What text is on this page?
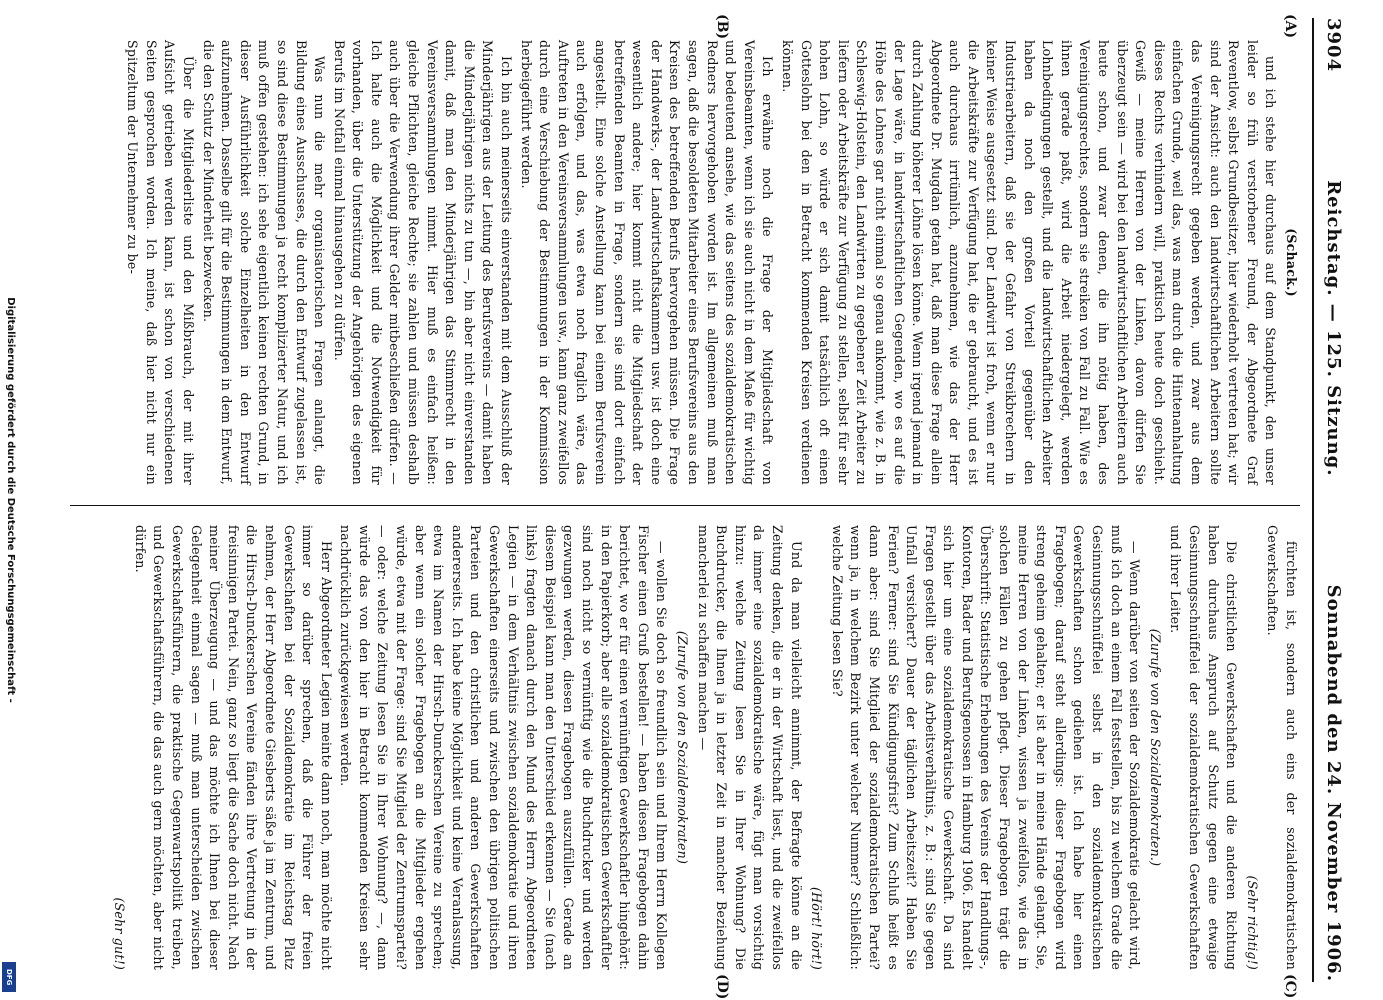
Digitalisierung gefördert durch die Deutsche Forschungsgemeinschaft -
DFG
3904
Reichstag. — 125. Sitzung.
Sonnabend den 24. November 1906.
(A)
(B)
(C)
(D)
(Schack.)

und ich stehe hier durchaus auf dem Standpunkt, den unser leider so früh verstorbener Freund, der Abgeordnete Graf Reventlow, selbst Grundbesitzer, hier wiederholt vertreten hat; wir sind der Ansicht: auch den landwirtschaftlichen Arbeitern sollte das Vereinigungsrecht gegeben werden, und zwar aus dem einfachen Grunde, weil das, was man durch die Hintenanhaltung dieses Rechts verhindern will, praktisch heute doch geschieht. Gewiß — meine Herren von der Linken, davon dürfen Sie überzeugt sein — wird bei den landwirtschaftlichen Arbeitern auch heute schon, und zwar denen, die ihn nötig haben, des Vereinigungsrechtes, sondern sie streiken von Fall zu Fall. Wie es ihnen gerade paßt, wird die Arbeit niedergelegt, werden Lohnbedingungen gestellt, und die landwirtschaftlichen Arbeiter haben da noch den großen Vorteil gegenüber den Industriearbeitern, daß sie der Gefahr von Streikbrechern in keiner Weise ausgesetzt sind. Der Landwirt ist froh, wenn er nur die Arbeitskräfte zur Verfügung hat, die er gebraucht, und es ist auch durchaus irrtümlich, anzunehmen, wie das der Herr Abgeordnete Dr. Mugdan getan hat, daß man diese Frage allein durch Zahlung höherer Löhne lösen könne. Wenn irgend jemand in der Lage wäre, in landwirtschaftlichen Gegenden, wo es auf die Höhe des Lohnes gar nicht einmal so genau ankommt, wie z. B. in Schleswig-Holstein, den Landwirten zu gegebener Zeit Arbeiter zu liefern oder Arbeitskräfte zur Verfügung zu stellen, selbst für sehr hohen Lohn, so würde er sich damit tatsächlich oft einen Gotteslohn bei den in Betracht kommenden Kreisen verdienen können.

Ich erwähne noch die Frage der Mitgliedschaft von Vereinsbeamten, wenn ich sie auch nicht in dem Maße für wichtig und bedeutend ansehe, wie das seitens des sozialdemokratischen Redners hervorgehoben worden ist. Im allgemeinen muß man sagen, daß die besoldeten Mitarbeiter eines Berufsvereins aus den Kreisen des betreffenden Berufs hervorgehen müssen. Die Frage der Handwerks-, der Landwirtschaftskammern usw. ist doch eine wesentlich andere; hier kommt nicht die Mitgliedschaft der betreffenden Beamten in Frage, sondern sie sind dort einfach angestellt. Eine solche Anstellung kann bei einem Berufsverein auch erfolgen, und das, was etwa noch fraglich wäre, das Auftreten in den Vereinsversammlungen usw., kann ganz zweifellos durch eine Verschiebung der Bestimmungen in der Kommission herbeigeführt werden.

Ich bin auch meinerseits einverstanden mit dem Ausschluß der Minderjährigen aus der Leitung des Berufsvereins — damit haben die Minderjährigen nichts zu tun —, bin aber nicht einverstanden damit, daß man den Minderjährigen das Stimmrecht in den Vereinsversammlungen nimmt. Hier muß es einfach heißen: gleiche Pflichten, gleiche Rechte; sie zahlen und müssen deshalb auch über die Verwendung ihrer Gelder mitbeschließen dürfen. — Ich halte auch die Möglichkeit und die Notwendigkeit für vorhanden, über die Unterstützung der Angehörigen des eigenen Berufs im Notfall einmal hinausgehen zu dürfen.

Was nun die mehr organisatorischen Fragen anlangt, die Bildung eines Ausschusses, die durch den Entwurf zugelassen ist, so sind diese Bestimmungen ja recht komplizierter Natur, und ich muß offen gestehen: ich sehe eigentlich keinen rechten Grund, in dieser Ausführlichkeit solche Einzelheiten in den Entwurf aufzunehmen. Dasselbe gilt für die Bestimmungen in dem Entwurf, die den Schutz der Minderheit bezwecken.

Über die Mitgliederliste und den Mißbrauch, der mit ihrer Aufsicht getrieben werden kann, ist schon von verschiedenen Seiten gesprochen worden. Ich meine, daß hier nicht nur ein Spitzeltum der Unternehmer zu be-

fürchten ist, sondern auch eins der sozialdemokratischen Gewerkschaften.

(Sehr richtig!)

Die christlichen Gewerkschaften und die anderen Richtung haben durchaus Anspruch auf Schutz gegen eine etwaige Gesinnungsschnüffelei der sozialdemokratischen Gewerkschaften und ihrer Leiter.

(Zurufe von den Sozialdemokraten.)

— Wenn darüber von seiten der Sozialdemokratie gelacht wird, muß ich doch an einem Fall feststellen, bis zu welchem Grade die Gesinnungsschnüffelei selbst in den sozialdemokratischen Gewerkschaften schon gediehen ist. Ich habe hier einen Fragebogen; darauf steht allerdings: dieser Fragebogen wird streng geheim gehalten; er ist aber in meine Hände gelangt. Sie, meine Herren von der Linken, wissen ja zweifellos, wie das in solchen Fällen zu gehen pflegt. Dieser Fragebogen trägt die Überschrift: Statistische Erhebungen des Vereins der Handlungs-, Kontoren, Bader und Berufsgenossen in Hamburg 1906. Es handelt sich hier um eine sozialdemokratische Gewerkschaft. Da sind Fragen gestellt über das Arbeitsverhältnis, z. B.: sind Sie gegen Unfall versichert? Dauer der täglichen Arbeitszeit? Haben Sie Ferien? Ferner: sind Sie Kündigungsfrist? Zum Schluß heißt es dann aber: sind Sie Mitglied der sozialdemokratischen Partei? wenn ja, in welchem Bezirk unter welcher Nummer? Schließlich: welche Zeitung lesen Sie?

(Hört! hört!)

Und da man vielleicht annimmt, der Befragte könne an die Zeitung denken, die er in der Wirtschaft liest, und die zweifellos da immer eine sozialdemokratische wäre, fügt man vorsichtig hinzu: welche Zeitung lesen Sie in Ihrer Wohnung? Die Buchdrucker, die Ihnen ja in letzter Zeit in mancher Beziehung mancherlei zu schaffen machen —

(Zurufe von den Sozialdemokraten)

— wollen Sie doch so freundlich sein und Ihrem Herrn Kollegen Fischer einen Gruß bestellen! — haben diesen Fragebogen dahin berichtet, wo er für einen vernünftigen Gewerkschaftler hingehört: in den Papierkorb; aber alle sozialdemokratischen Gewerkschaftler sind noch nicht so vernünftig wie die Buchdrucker und werden gezwungen werden, diesen Fragebogen auszufüllen. Gerade an diesem Beispiel kann man den Unterschied erkennen — Sie (nach links) fragten danach durch den Mund des Herrn Abgeordneten Legien — in dem Verhältnis zwischen sozialdemokratie und ihren Gewerkschaften einerseits und zwischen den übrigen politischen Parteien und den christlichen und anderen Gewerkschaften andererseits. Ich habe keine Möglichkeit und keine Veranlassung, etwa im Namen der Hirsch-Dunckerschen Vereine zu sprechen; aber wenn ein solcher Fragebogen an die Mitglieder ergehen würde, etwa mit der Frage: sind Sie Mitglied der Zentrumspartei? — oder: welche Zeitung lesen Sie in Ihrer Wohnung? —, dann würde das von den hier in Betracht kommenden Kreisen sehr nachdrücklich zurückgewiesen werden.

Herr Abgeordneter Legien meinte dann noch, man möchte nicht immer so darüber sprechen, daß die Führer der freien Gewerkschaften bei der Sozialdemokratie im Reichstag Platz nehmen, der Herr Abgeordnete Giesberts säße ja im Zentrum, und die Hirsch-Dunckerschen Vereine fänden ihre Vertretung in der freisinnigen Partei. Nein, ganz so liegt die Sache doch nicht. Nach meiner Überzeugung — und das möchte ich Ihnen bei dieser Gelegenheit einmal sagen — muß man unterscheiden zwischen Gewerkschaftsführern, die praktische Gegenwartspolitik treiben, und Gewerkschaftsführern, die das auch gern möchten, aber nicht dürfen.

(Sehr gut!)
